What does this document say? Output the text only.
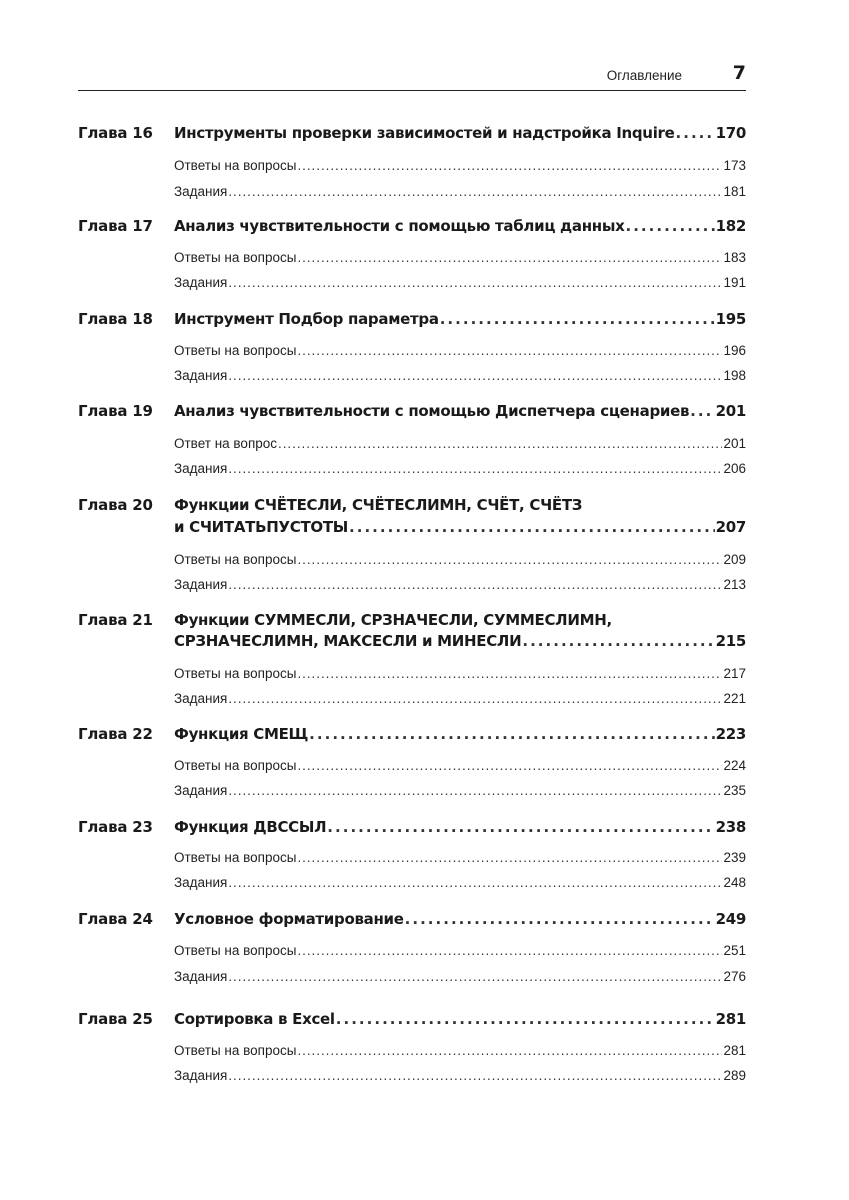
Оглавление	7
Глава 16 Инструменты проверки зависимостей и надстройка Inquire . . .	170
Ответы на вопросы . . .	173
Задания . . .	181
Глава 17 Анализ чувствительности с помощью таблиц данных . . .	182
Ответы на вопросы . . .	183
Задания . . .	191
Глава 18 Инструмент Подбор параметра . . .	195
Ответы на вопросы . . .	196
Задания . . .	198
Глава 19 Анализ чувствительности с помощью Диспетчера сценариев . . . 201
Ответ на вопрос . . .	201
Задания . . .	206
Глава 20 Функции СЧЁТЕСЛИ, СЧЁТЕСЛИМН, СЧЁТ, СЧЁТЗ
и СЧИТАТЬПУСТОТЫ . . .	207
Ответы на вопросы . . .	209
Задания . . .	213
Глава 21 Функции СУММЕСЛИ, СРЗНАЧЕСЛИ, СУММЕСЛИМН,
СРЗНАЧЕСЛИМН, МАКСЕСЛИ и МИНЕСЛИ . . .	215
Ответы на вопросы . . .	217
Задания . . .	221
Глава 22 Функция СМЕЩ . . .	223
Ответы на вопросы . . .	224
Задания . . .	235
Глава 23 Функция ДВССЫЛ . . .	238
Ответы на вопросы . . .	239
Задания . . .	248
Глава 24 Условное форматирование . . .	249
Ответы на вопросы . . .	251
Задания . . .	276
Глава 25 Сортировка в Excel . . .	281
Ответы на вопросы . . .	281
Задания . . .	289
